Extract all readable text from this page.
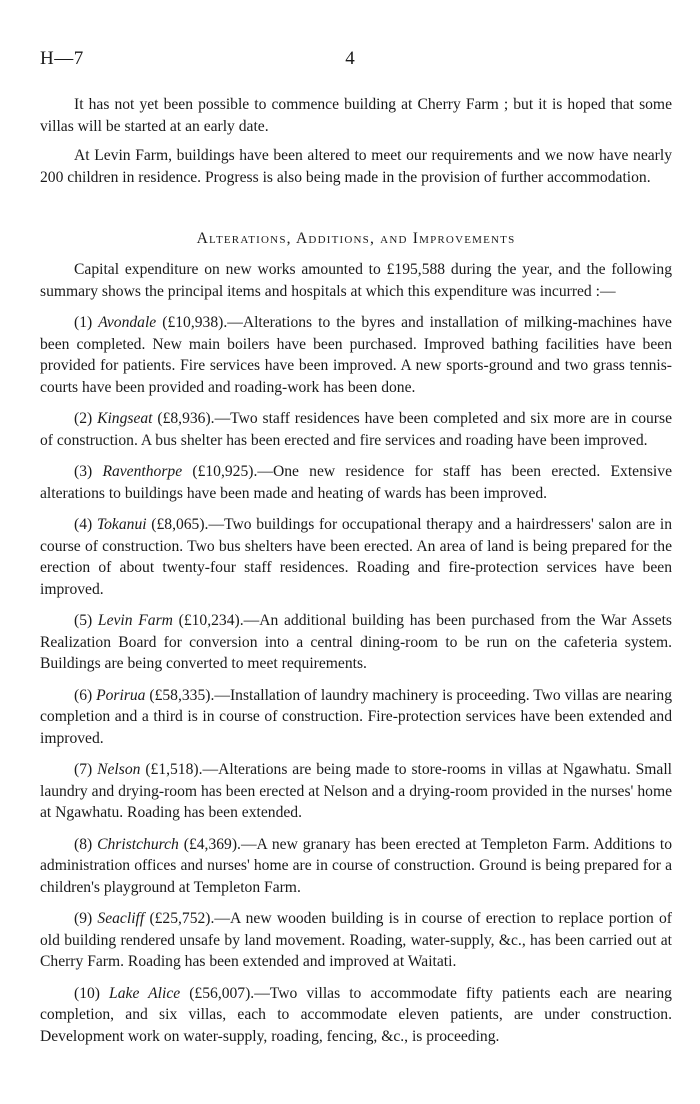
H—7	4

It has not yet been possible to commence building at Cherry Farm ; but it is hoped that some villas will be started at an early date.

At Levin Farm, buildings have been altered to meet our requirements and we now have nearly 200 children in residence. Progress is also being made in the provision of further accommodation.

Alterations, Additions, and Improvements

Capital expenditure on new works amounted to £195,588 during the year, and the following summary shows the principal items and hospitals at which this expenditure was incurred :—

(1) Avondale (£10,938).—Alterations to the byres and installation of milking-machines have been completed. New main boilers have been purchased. Improved bathing facilities have been provided for patients. Fire services have been improved. A new sports-ground and two grass tennis-courts have been provided and roading-work has been done.

(2) Kingseat (£8,936).—Two staff residences have been completed and six more are in course of construction. A bus shelter has been erected and fire services and roading have been improved.

(3) Raventhorpe (£10,925).—One new residence for staff has been erected. Extensive alterations to buildings have been made and heating of wards has been improved.

(4) Tokanui (£8,065).—Two buildings for occupational therapy and a hairdressers' salon are in course of construction. Two bus shelters have been erected. An area of land is being prepared for the erection of about twenty-four staff residences. Roading and fire-protection services have been improved.

(5) Levin Farm (£10,234).—An additional building has been purchased from the War Assets Realization Board for conversion into a central dining-room to be run on the cafeteria system. Buildings are being converted to meet requirements.

(6) Porirua (£58,335).—Installation of laundry machinery is proceeding. Two villas are nearing completion and a third is in course of construction. Fire-protection services have been extended and improved.

(7) Nelson (£1,518).—Alterations are being made to store-rooms in villas at Ngawhatu. Small laundry and drying-room has been erected at Nelson and a drying-room provided in the nurses' home at Ngawhatu. Roading has been extended.

(8) Christchurch (£4,369).—A new granary has been erected at Templeton Farm. Additions to administration offices and nurses' home are in course of construction. Ground is being prepared for a children's playground at Templeton Farm.

(9) Seacliff (£25,752).—A new wooden building is in course of erection to replace portion of old building rendered unsafe by land movement. Roading, water-supply, &c., has been carried out at Cherry Farm. Roading has been extended and improved at Waitati.

(10) Lake Alice (£56,007).—Two villas to accommodate fifty patients each are nearing completion, and six villas, each to accommodate eleven patients, are under construction. Development work on water-supply, roading, fencing, &c., is proceeding.
